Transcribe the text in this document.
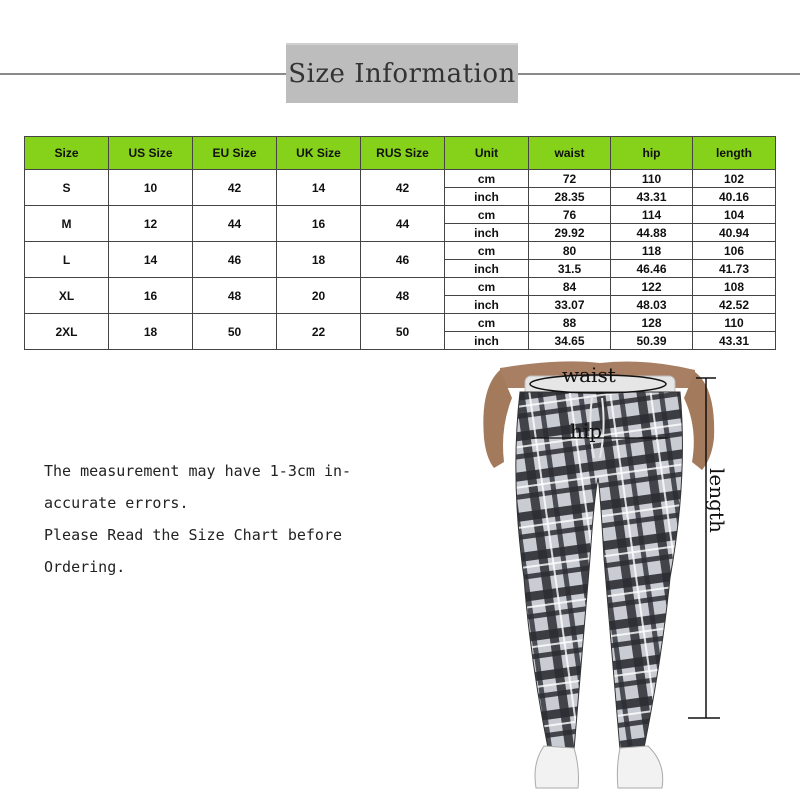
Size Information
Size	US Size	EU Size	UK Size	RUS Size	Unit	waist	hip	length
S	10	42	14	42	cm	72	110	102
					inch	28.35	43.31	40.16
M	12	44	16	44	cm	76	114	104
					inch	29.92	44.88	40.94
L	14	46	18	46	cm	80	118	106
					inch	31.5	46.46	41.73
XL	16	48	20	48	cm	84	122	108
					inch	33.07	48.03	42.52
2XL	18	50	22	50	cm	88	128	110
					inch	34.65	50.39	43.31
The measurement may have 1-3cm in-
accurate errors.
Please Read the Size Chart before
Ordering.
waist
hip
length
